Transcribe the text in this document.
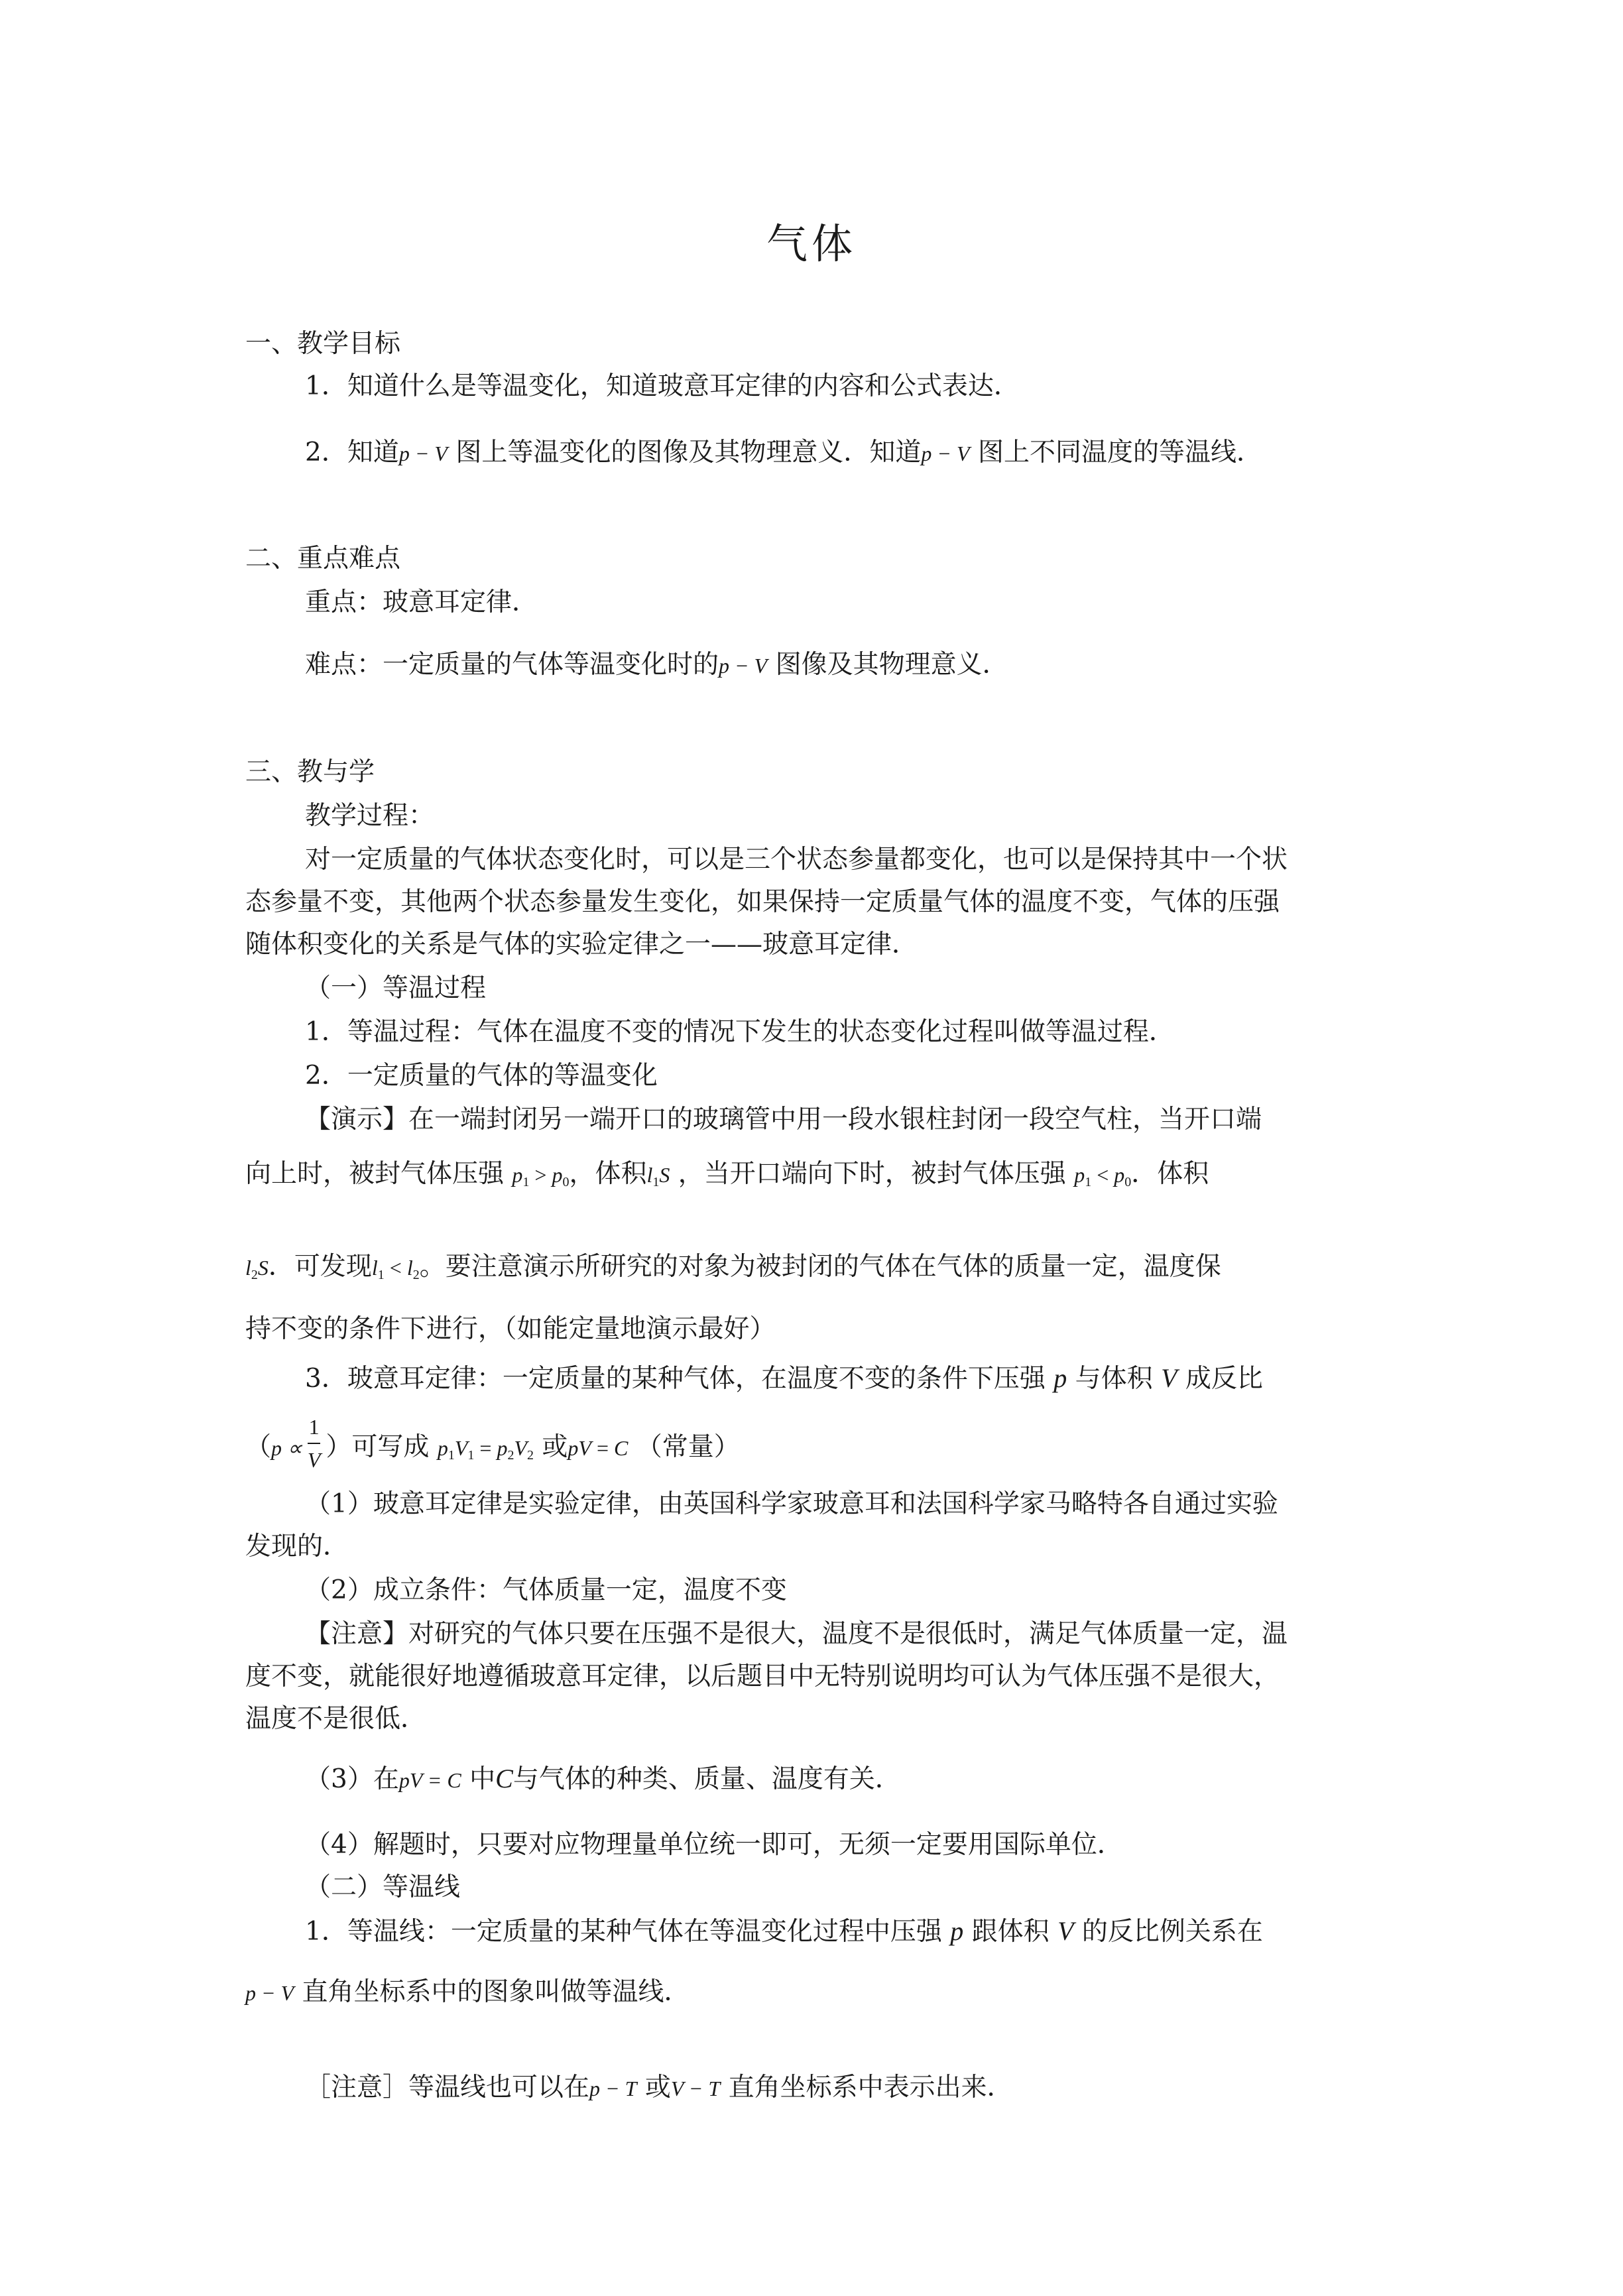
气体
一、教学目标
1．知道什么是等温变化，知道玻意耳定律的内容和公式表达．
2．知道p − V 图上等温变化的图像及其物理意义．知道p − V 图上不同温度的等温线．
二、重点难点
重点：玻意耳定律．
难点：一定质量的气体等温变化时的p − V 图像及其物理意义．
三、教与学
教学过程：
对一定质量的气体状态变化时，可以是三个状态参量都变化，也可以是保持其中一个状
态参量不变，其他两个状态参量发生变化，如果保持一定质量气体的温度不变，气体的压强
随体积变化的关系是气体的实验定律之一——玻意耳定律．
（一）等温过程
1．等温过程：气体在温度不变的情况下发生的状态变化过程叫做等温过程．
2．一定质量的气体的等温变化
【演示】在一端封闭另一端开口的玻璃管中用一段水银柱封闭一段空气柱，当开口端
向上时，被封气体压强 $p_1 > p_0$，体积$l_1S$ ，当开口端向下时，被封气体压强 $p_1 < p_0$．体积
$l_2S$．可发现$l_1 < l_2$。要注意演示所研究的对象为被封闭的气体在气体的质量一定，温度保
持不变的条件下进行，（如能定量地演示最好）
3．玻意耳定律：一定质量的某种气体，在温度不变的条件下压强 p 与体积 V 成反比
（$p \propto \frac{1}{V}$ ）可写成 $p_1V_1 = p_2V_2$ 或pV = C （常量）
（1）玻意耳定律是实验定律，由英国科学家玻意耳和法国科学家马略特各自通过实验
发现的．
（2）成立条件：气体质量一定，温度不变
【注意】对研究的气体只要在压强不是很大，温度不是很低时，满足气体质量一定，温
度不变，就能很好地遵循玻意耳定律，以后题目中无特别说明均可认为气体压强不是很大，
温度不是很低．
（3）在pV = C 中C与气体的种类、质量、温度有关．
（4）解题时，只要对应物理量单位统一即可，无须一定要用国际单位．
（二）等温线
1．等温线：一定质量的某种气体在等温变化过程中压强 p 跟体积 V 的反比例关系在
p − V 直角坐标系中的图象叫做等温线．
［注意］等温线也可以在p − T 或V − T 直角坐标系中表示出来．
